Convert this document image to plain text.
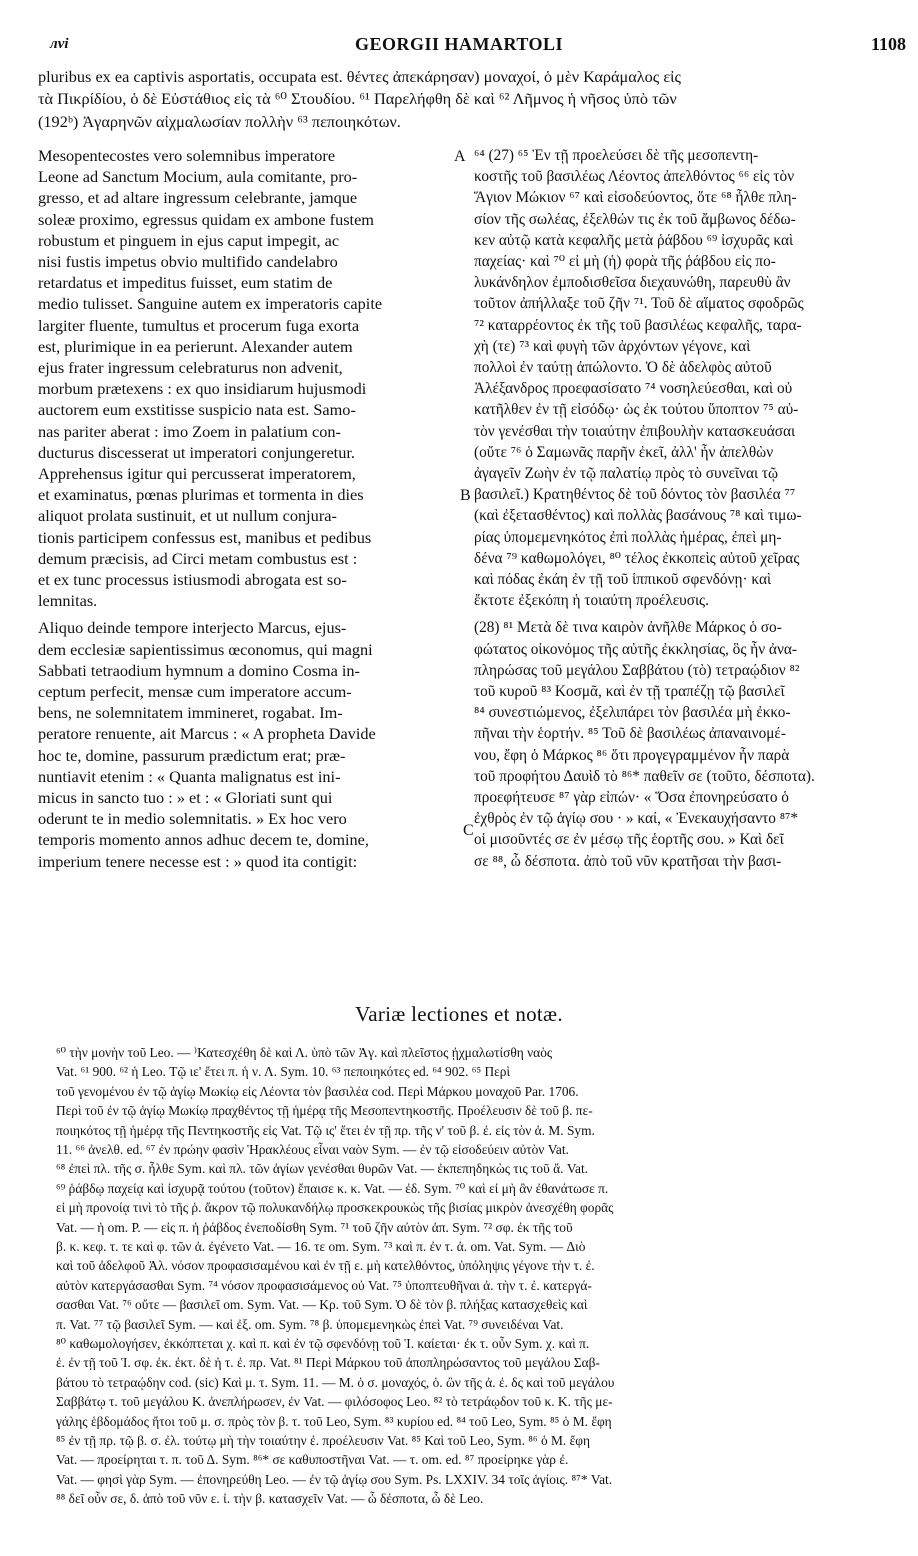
лvі	GEORGII HAMARTOLI	1108
pluribus ex ea captivis asportatis, occupata est. θέντες ἀπεκάρησαν) μοναχοί, ὁ μὲν Καράμαλος εἰς
τὰ Πικρίδίου, ὁ δὲ Εὐστάθιος εἰς τὰ ⁶⁰ Στουδίου. ⁶¹ Παρελήφθη δὲ καὶ ⁶² Λῆμνος ἡ νῆσος ὑπὸ τῶν
(192ᵇ) Ἀγαρηνῶν αἰχμαλωσίαν πολλὴν ⁶³ πεποιηκότων.
Mesopentecostes vero solemnibus imperatore
Leone ad Sanctum Mocium, aula comitante, pro-
gresso, et ad altare ingressum celebrante, jamque
soleæ proximo, egressus quidam ex ambone fustem
robustum et pinguem in ejus caput impegit, ac
nisi fustis impetus obvio multifido candelabro
retardatus et impeditus fuisset, eum statim de
medio tulisset. Sanguine autem ex imperatoris capite
largiter fluente, tumultus et procerum fuga exorta
est, plurimique in ea perierunt. Alexander autem
ejus frater ingressum celebraturus non advenit,
morbum prætexens : ex quo insidiarum hujusmodi
auctorem eum exstitisse suspicio nata est. Samo-
nas pariter aberat : imo Zoem in palatium con-
ducturus discesserat ut imperatori conjungeretur.
Apprehensus igitur qui percusserat imperatorem,
et examinatus, pœnas plurimas et tormenta in dies
aliquot prolata sustinuit, et ut nullum conjura-
tionis participem confessus est, manibus et pedibus
demum præcisis, ad Circi metam combustus est :
et ex tunc processus istiusmodi abrogata est so-
lemnitas.
Aliquo deinde tempore interjecto Marcus, ejus-
dem ecclesiæ sapientissimus œconomus, qui magni
Sabbati tetraodium hymnum a domino Cosma in-
ceptum perfecit, mensæ cum imperatore accum-
bens, ne solemnitatem immineret, rogabat. Im-
peratore renuente, ait Marcus : « A propheta Davide
hoc te, domine, passurum prædictum erat; præ-
nuntiavit etenim : « Quanta malignatus est ini-
micus in sancto tuo : » et : « Gloriati sunt qui
oderunt te in medio solemnitatis. » Ex hoc vero
temporis momento annos adhuc decem te, domine,
imperium tenere necesse est : » quod ita contigit:
⁶⁴ (27) ⁶⁵ Ἐν τῇ προελεύσει δὲ τῆς μεσοπεντη-
κοστῆς τοῦ βασιλέως Λέοντος ἀπελθόντος ⁶⁶ εἰς τὸν
Ἅγιον Μώκιον ⁶⁷ καὶ εἰσοδεύοντος, ὅτε ⁶⁸ ἦλθε πλη-
σίον τῆς σωλέας, ἐξελθών τις ἐκ τοῦ ἄμβωνος δέδω-
κεν αὐτῷ κατὰ κεφαλῆς μετὰ ῥάβδου ⁶⁹ ἰσχυρᾶς καὶ
παχείας· καὶ ⁷⁰ εἰ μὴ (ἡ) φορὰ τῆς ῥάβδου εἰς πο-
λυκάνδηλον ἐμποδισθεῖσα διεχαυνώθη, παρευθὺ ἂν
τοῦτον ἀπήλλαξε τοῦ ζῆν ⁷¹. Τοῦ δὲ αἵματος σφοδρῶς
⁷² καταρρέοντος ἐκ τῆς τοῦ βασιλέως κεφαλῆς, ταρα-
χὴ (τε) ⁷³ καὶ φυγὴ τῶν ἀρχόντων γέγονε, καὶ
πολλοὶ ἐν ταύτῃ ἀπώλοντο. Ὁ δὲ ἀδελφὸς αὐτοῦ
Ἀλέξανδρος προεφασίσατο ⁷⁴ νοσηλεύεσθαι, καὶ οὐ
κατῆλθεν ἐν τῇ εἰσόδῳ· ὡς ἐκ τούτου ὕποπτον ⁷⁵ αὐ-
τὸν γενέσθαι τὴν τοιαύτην ἐπιβουλὴν κατασκευάσαι
(οὔτε ⁷⁶ ὁ Σαμωνᾶς παρῆν ἐκεῖ, ἀλλ' ἦν ἀπελθὼν
ἀγαγεῖν Ζωὴν ἐν τῷ παλατίῳ πρὸς τὸ συνεῖναι τῷ
βασιλεῖ.) Κρατηθέντος δὲ τοῦ δόντος τὸν βασιλέα ⁷⁷
(καὶ ἐξετασθέντος) καὶ πολλὰς βασάνους ⁷⁸ καὶ τιμω-
ρίας ὑπομεμενηκότος ἐπὶ πολλὰς ἡμέρας, ἐπεὶ μη-
δένα ⁷⁹ καθωμολόγει, ⁸⁰ τέλος ἐκκοπεὶς αὐτοῦ χεῖρας
καὶ πόδας ἐκάη ἐν τῇ τοῦ ἱππικοῦ σφενδόνῃ· καὶ
ἔκτοτε ἐξεκόπη ἡ τοιαύτη προέλευσις.
(28) ⁸¹ Μετὰ δὲ τινα καιρὸν ἀνῆλθε Μάρκος ὁ σο-
φώτατος οἰκονόμος τῆς αὐτῆς ἐκκλησίας, ὃς ἦν ἀνα-
πληρώσας τοῦ μεγάλου Σαββάτου (τὸ) τετραῴδιον ⁸²
τοῦ κυροῦ ⁸³ Κοσμᾶ, καὶ ἐν τῇ τραπέζῃ τῷ βασιλεῖ
⁸⁴ συνεστιώμενος, ἐξελιπάρει τὸν βασιλέα μὴ ἐκκο-
πῆναι τὴν ἑορτήν. ⁸⁵ Τοῦ δὲ βασιλέως ἀπαναινομέ-
νου, ἔφη ὁ Μάρκος ⁸⁶ ὅτι προγεγραμμένον ἦν παρὰ
τοῦ προφήτου Δαυὶδ τὸ ⁸⁶* παθεῖν σε (τοῦτο, δέσποτα).
προεφήτευσε ⁸⁷ γὰρ εἰπών· « Ὅσα ἐπονηρεύσατο ὁ
ἐχθρὸς ἐν τῷ ἁγίῳ σου · » καί, « Ἐνεκαυχήσαντο ⁸⁷*
οἱ μισοῦντές σε ἐν μέσῳ τῆς ἑορτῆς σου. » Καὶ δεῖ
σε ⁸⁸, ὦ δέσποτα. ἀπὸ τοῦ νῦν κρατῆσαι τὴν βασι-
A
B
C
Variæ lectiones et notæ.
⁶⁰ τὴν μονὴν τοῦ Leo. — ⁾Κατεσχέθη δὲ καὶ Λ. ὑπὸ τῶν Ἀγ. καὶ πλεῖστος ᾐχμαλωτίσθη ναὸς
Vat. ⁶¹ 900. ⁶² ἡ Leo. Τῷ ιε' ἔτει π. ἡ ν. Λ. Sym. 10. ⁶³ πεποιηκότες ed. ⁶⁴ 902. ⁶⁵ Περὶ
τοῦ γενομένου ἐν τῷ ἁγίῳ Μωκίῳ εἰς Λέοντα τὸν βασιλέα cod. Περὶ Μάρκου μοναχοῦ Par. 1706.
Περὶ τοῦ ἐν τῷ ἁγίῳ Μωκίῳ πραχθέντος τῇ ἡμέρᾳ τῆς Μεσοπεντηκοστῆς. Προέλευσιν δὲ τοῦ β. πε-
ποιηκότος τῇ ἡμέρᾳ τῆς Πεντηκοστῆς εἰς Vat. Τῷ ις' ἔτει ἐν τῇ πρ. τῆς ν' τοῦ β. ἐ. εἰς τὸν ἀ. M. Sym.
11. ⁶⁶ ἀνελθ. ed. ⁶⁷ ἐν πρώην φασὶν Ἡρακλέους εἶναι ναὸν Sym. — ἐν τῷ εἰσοδεύειν αὐτὸν Vat.
⁶⁸ ἐπεὶ πλ. τῆς σ. ἦλθε Sym. καὶ πλ. τῶν ἁγίων γενέσθαι θυρῶν Vat. — ἐκπεπηδηκὼς τις τοῦ ἄ. Vat.
⁶⁹ ῥάβδῳ παχείᾳ καὶ ἰσχυρᾷ τούτου (τοῦτον) ἔπαισε κ. κ. Vat. — ἐδ. Sym. ⁷⁰ καὶ εἰ μὴ ἂν ἐθανάτωσε π.
εἰ μὴ προνοίᾳ τινὶ τὸ τῆς ῥ. ἄκρον τῷ πολυκανδήλῳ προσκεκρουκὼς τῆς βισίας μικρὸν ἀνεσχέθη φορᾶς
Vat. — ἡ om. P. — εἰς π. ἡ ῥάβδος ἐνεποδίσθη Sym. ⁷¹ τοῦ ζῆν αὐτὸν ἀπ. Sym. ⁷² σφ. ἐκ τῆς τοῦ
β. κ. κεφ. τ. τε καὶ φ. τῶν ἀ. ἐγένετο Vat. — 16. τε om. Sym. ⁷³ καὶ π. ἐν τ. ἀ. om. Vat. Sym. — Διὸ
καὶ τοῦ ἀδελφοῦ Ἀλ. νόσον προφασισαμένου καὶ ἐν τῇ ε. μὴ κατελθόντος, ὑπόληψις γέγονε τὴν τ. ἐ.
αὐτὸν κατεργάσασθαι Sym. ⁷⁴ νόσον προφασισάμενος οὐ Vat. ⁷⁵ ὑποπτευθῆναι ἀ. τὴν τ. ἐ. κατεργά-
σασθαι Vat. ⁷⁶ οὔτε — βασιλεῖ om. Sym. Vat. — Κρ. τοῦ Sym. Ὁ δὲ τὸν β. πλήξας κατασχεθεὶς καὶ
π. Vat. ⁷⁷ τῷ βασιλεῖ Sym. — καὶ ἐξ. om. Sym. ⁷⁸ β. ὑπομεμενηκὼς ἐπεὶ Vat. ⁷⁹ συνειδέναι Vat.
⁸⁰ καθωμολογήσεν, ἐκκόπτεται χ. καὶ π. καὶ ἐν τῷ σφενδόνῃ τοῦ Ἱ. καίεται· ἐκ τ. οὖν Sym. χ. καὶ π.
ἐ. ἐν τῇ τοῦ Ἱ. σφ. ἐκ. ἐκτ. δὲ ἡ τ. ἐ. πρ. Vat. ⁸¹ Περὶ Μάρκου τοῦ ἀποπληρώσαντος τοῦ μεγάλου Σαβ-
βάτου τὸ τετραῴδην cod. (sic) Καὶ μ. τ. Sym. 11. — Μ. ὁ σ. μοναχός, ὁ. ὢν τῆς ἀ. ἐ. δς καὶ τοῦ μεγάλου
Σαββάτῳ τ. τοῦ μεγάλου Κ. ἀνεπλήρωσεν, ἐν Vat. — φιλόσοφος Leo. ⁸² τὸ τετράῳδον τοῦ κ. Κ. τῆς με-
γάλης ἑβδομάδος ἤτοι τοῦ μ. σ. πρὸς τὸν β. τ. τοῦ Leo, Sym. ⁸³ κυρίου ed. ⁸⁴ τοῦ Leo, Sym. ⁸⁵ ὁ Μ. ἔφη
⁸⁵ ἐν τῇ πρ. τῷ β. σ. ἐλ. τούτῳ μὴ τὴν τοιαύτην ἐ. προέλευσιν Vat. ⁸⁵ Καὶ τοῦ Leo, Sym. ⁸⁶ ὁ Μ. ἔφη
Vat. — προείρηται τ. π. τοῦ Δ. Sym. ⁸⁶* σε καθυποστῆναι Vat. — τ. om. ed. ⁸⁷ προείρηκε γὰρ ἐ.
Vat. — φησὶ γὰρ Sym. — ἐπονηρεύθη Leo. — ἐν τῷ ἁγίῳ σου Sym. Ps. LXXIV. 34 τοῖς ἁγίοις. ⁸⁷* Vat.
⁸⁸ δεῖ οὖν σε, δ. ἀπὸ τοῦ νῦν ε. ἰ. τὴν β. κατασχεῖν Vat. — ὦ δέσποτα, ὦ δὲ Leo.
